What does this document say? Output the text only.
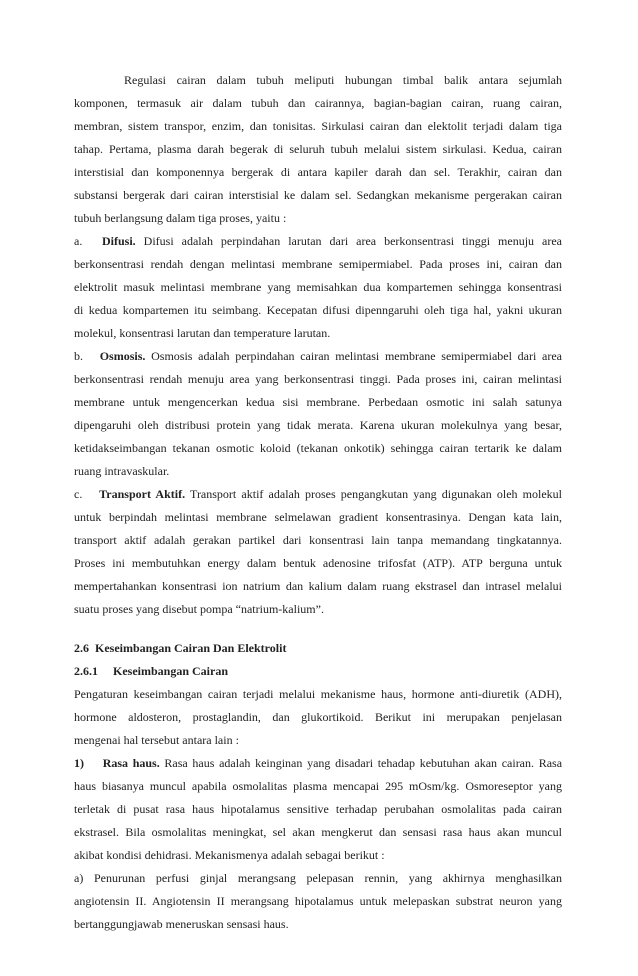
Regulasi cairan dalam tubuh meliputi hubungan timbal balik antara sejumlah
komponen, termasuk air dalam tubuh dan cairannya, bagian-bagian cairan, ruang cairan,
membran, sistem transpor, enzim, dan tonisitas. Sirkulasi cairan dan elektolit terjadi dalam tiga
tahap. Pertama, plasma darah begerak di seluruh tubuh melalui sistem sirkulasi. Kedua, cairan
interstisial dan komponennya bergerak di antara kapiler darah dan sel. Terakhir, cairan dan
substansi bergerak dari cairan interstisial ke dalam sel. Sedangkan mekanisme pergerakan cairan
tubuh berlangsung dalam tiga proses, yaitu :
a. Difusi. Difusi adalah perpindahan larutan dari area berkonsentrasi tinggi menuju area
berkonsentrasi rendah dengan melintasi membrane semipermiabel. Pada proses ini, cairan dan
elektrolit masuk melintasi membrane yang memisahkan dua kompartemen sehingga konsentrasi
di kedua kompartemen itu seimbang. Kecepatan difusi dipenngaruhi oleh tiga hal, yakni ukuran
molekul, konsentrasi larutan dan temperature larutan.
b. Osmosis. Osmosis adalah perpindahan cairan melintasi membrane semipermiabel dari area
berkonsentrasi rendah menuju area yang berkonsentrasi tinggi. Pada proses ini, cairan melintasi
membrane untuk mengencerkan kedua sisi membrane. Perbedaan osmotic ini salah satunya
dipengaruhi oleh distribusi protein yang tidak merata. Karena ukuran molekulnya yang besar,
ketidakseimbangan tekanan osmotic koloid (tekanan onkotik) sehingga cairan tertarik ke dalam
ruang intravaskular.
c. Transport Aktif. Transport aktif adalah proses pengangkutan yang digunakan oleh molekul
untuk berpindah melintasi membrane selmelawan gradient konsentrasinya. Dengan kata lain,
transport aktif adalah gerakan partikel dari konsentrasi lain tanpa memandang tingkatannya.
Proses ini membutuhkan energy dalam bentuk adenosine trifosfat (ATP). ATP berguna untuk
mempertahankan konsentrasi ion natrium dan kalium dalam ruang ekstrasel dan intrasel melalui
suatu proses yang disebut pompa “natrium-kalium”.
2.6  Keseimbangan Cairan Dan Elektrolit
2.6.1 Keseimbangan Cairan
Pengaturan keseimbangan cairan terjadi melalui mekanisme haus, hormone anti-diuretik (ADH),
hormone aldosteron, prostaglandin, dan glukortikoid. Berikut ini merupakan penjelasan
mengenai hal tersebut antara lain :
1) Rasa haus. Rasa haus adalah keinginan yang disadari tehadap kebutuhan akan cairan. Rasa
haus biasanya muncul apabila osmolalitas plasma mencapai 295 mOsm/kg. Osmoreseptor yang
terletak di pusat rasa haus hipotalamus sensitive terhadap perubahan osmolalitas pada cairan
ekstrasel. Bila osmolalitas meningkat, sel akan mengkerut dan sensasi rasa haus akan muncul
akibat kondisi dehidrasi. Mekanismenya adalah sebagai berikut :
a) Penurunan perfusi ginjal merangsang pelepasan rennin, yang akhirnya menghasilkan
angiotensin II. Angiotensin II merangsang hipotalamus untuk melepaskan substrat neuron yang
bertanggungjawab meneruskan sensasi haus.
